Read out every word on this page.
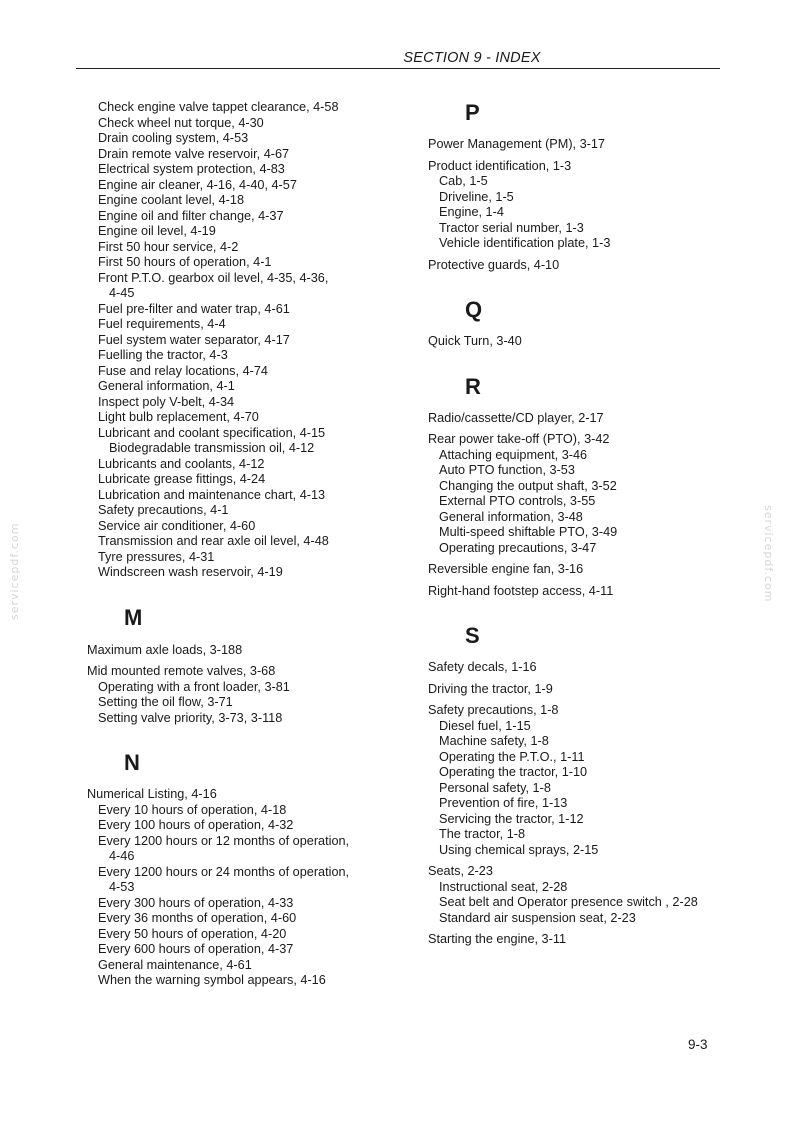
SECTION 9 - INDEX
servicepdf.com	servicepdf.com
Check engine valve tappet clearance, 4-58
Check wheel nut torque, 4-30
Drain cooling system, 4-53
Drain remote valve reservoir, 4-67
Electrical system protection, 4-83
Engine air cleaner, 4-16, 4-40, 4-57
Engine coolant level, 4-18
Engine oil and filter change, 4-37
Engine oil level, 4-19
First 50 hour service, 4-2
First 50 hours of operation, 4-1
Front P.T.O. gearbox oil level, 4-35, 4-36,
4-45
Fuel pre-filter and water trap, 4-61
Fuel requirements, 4-4
Fuel system water separator, 4-17
Fuelling the tractor, 4-3
Fuse and relay locations, 4-74
General information, 4-1
Inspect poly V-belt, 4-34
Light bulb replacement, 4-70
Lubricant and coolant specification, 4-15
Biodegradable transmission oil, 4-12
Lubricants and coolants, 4-12
Lubricate grease fittings, 4-24
Lubrication and maintenance chart, 4-13
Safety precautions, 4-1
Service air conditioner, 4-60
Transmission and rear axle oil level, 4-48
Tyre pressures, 4-31
Windscreen wash reservoir, 4-19
M
Maximum axle loads, 3-188
Mid mounted remote valves, 3-68
Operating with a front loader, 3-81
Setting the oil flow, 3-71
Setting valve priority, 3-73, 3-118
N
Numerical Listing, 4-16
Every 10 hours of operation, 4-18
Every 100 hours of operation, 4-32
Every 1200 hours or 12 months of operation,
4-46
Every 1200 hours or 24 months of operation,
4-53
Every 300 hours of operation, 4-33
Every 36 months of operation, 4-60
Every 50 hours of operation, 4-20
Every 600 hours of operation, 4-37
General maintenance, 4-61
When the warning symbol appears, 4-16
P
Power Management (PM), 3-17
Product identification, 1-3
Cab, 1-5
Driveline, 1-5
Engine, 1-4
Tractor serial number, 1-3
Vehicle identification plate, 1-3
Protective guards, 4-10
Q
Quick Turn, 3-40
R
Radio/cassette/CD player, 2-17
Rear power take-off (PTO), 3-42
Attaching equipment, 3-46
Auto PTO function, 3-53
Changing the output shaft, 3-52
External PTO controls, 3-55
General information, 3-48
Multi-speed shiftable PTO, 3-49
Operating precautions, 3-47
Reversible engine fan, 3-16
Right-hand footstep access, 4-11
S
Safety decals, 1-16
Driving the tractor, 1-9
Safety precautions, 1-8
Diesel fuel, 1-15
Machine safety, 1-8
Operating the P.T.O., 1-11
Operating the tractor, 1-10
Personal safety, 1-8
Prevention of fire, 1-13
Servicing the tractor, 1-12
The tractor, 1-8
Using chemical sprays, 2-15
Seats, 2-23
Instructional seat, 2-28
Seat belt and Operator presence switch , 2-28
Standard air suspension seat, 2-23
Starting the engine, 3-11
9-3
